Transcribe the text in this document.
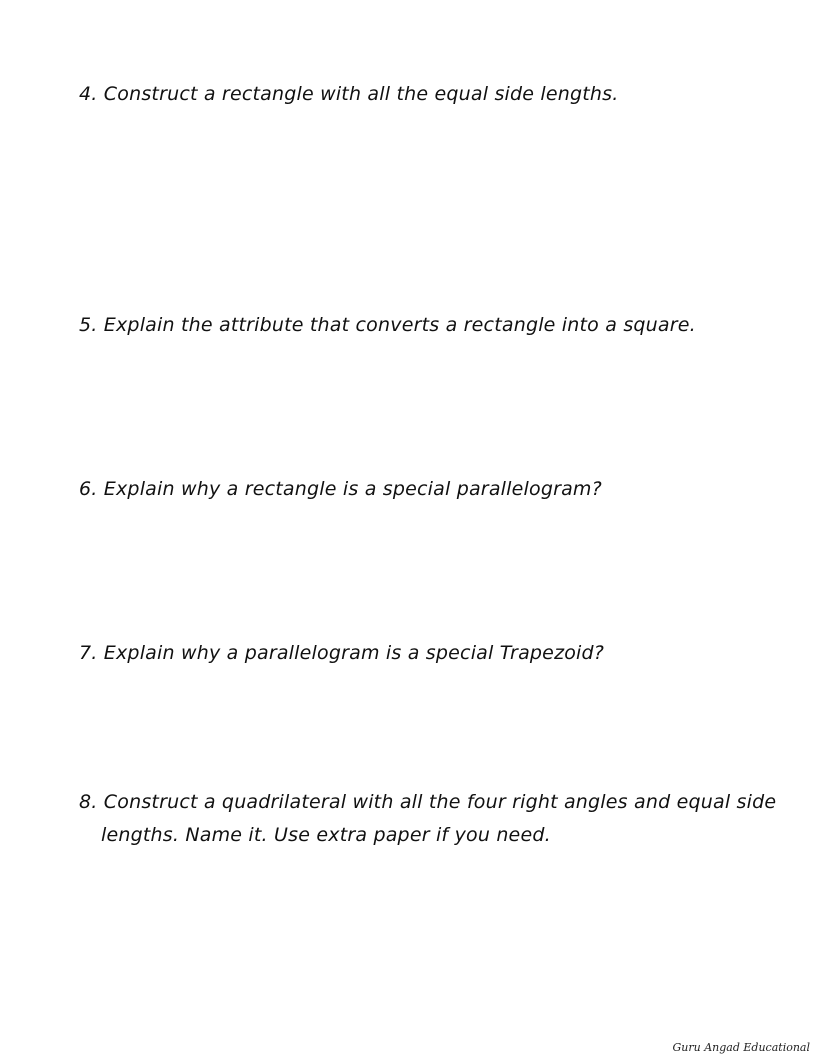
4. Construct a rectangle with all the equal side lengths.
5. Explain the attribute that converts a rectangle into a square.
6. Explain why a rectangle is a special parallelogram?
7. Explain why a parallelogram is a special Trapezoid?
8. Construct a quadrilateral with all the four right angles and equal side
lengths. Name it. Use extra paper if you need.
Guru Angad Educational
